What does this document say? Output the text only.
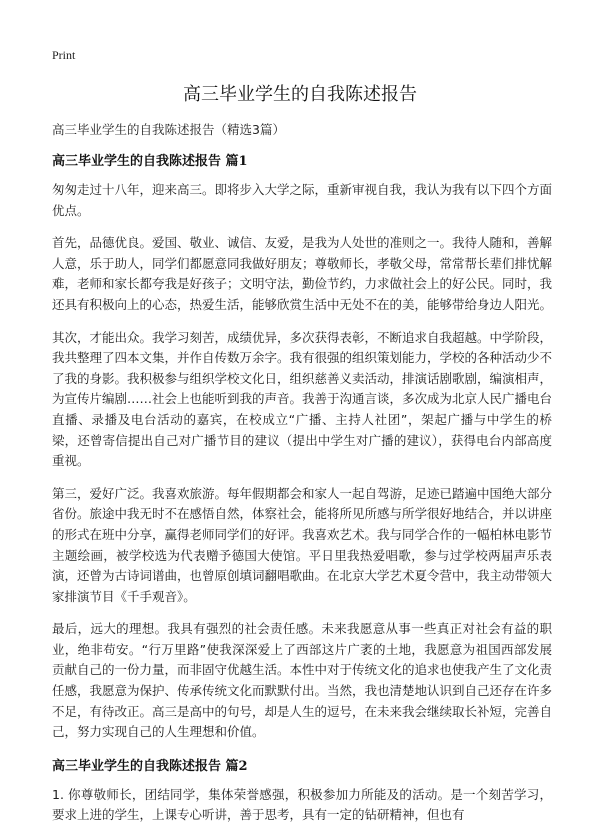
Print
高三毕业学生的自我陈述报告
高三毕业学生的自我陈述报告（精选3篇）
高三毕业学生的自我陈述报告 篇1

匆匆走过十八年，迎来高三。即将步入大学之际，重新审视自我，我认为我有以下四个方面优点。

首先，品德优良。爱国、敬业、诚信、友爱，是我为人处世的准则之一。我待人随和，善解人意，乐于助人，同学们都愿意同我做好朋友；尊敬师长，孝敬父母，常常帮长辈们排忧解难，老师和家长都夸我是好孩子；文明守法，勤俭节约，力求做社会上的好公民。同时，我还具有积极向上的心态，热爱生活，能够欣赏生活中无处不在的美，能够带给身边人阳光。

其次，才能出众。我学习刻苦，成绩优异，多次获得表彰，不断追求自我超越。中学阶段，我共整理了四本文集，并作自传数万余字。我有很强的组织策划能力，学校的各种活动少不了我的身影。我积极参与组织学校文化日，组织慈善义卖活动，排演话剧歌剧，编演相声，为宣传片编剧……社会上也能听到我的声音。我善于沟通言谈，多次成为北京人民广播电台直播、录播及电台活动的嘉宾，在校成立“广播、主持人社团”，架起广播与中学生的桥梁，还曾寄信提出自己对广播节目的建议（提出中学生对广播的建议），获得电台内部高度重视。

第三，爱好广泛。我喜欢旅游。每年假期都会和家人一起自驾游，足迹已踏遍中国绝大部分省份。旅途中我无时不在感悟自然，体察社会，能将所见所感与所学很好地结合，并以讲座的形式在班中分享，赢得老师同学们的好评。我喜欢艺术。我与同学合作的一幅柏林电影节主题绘画，被学校选为代表赠予德国大使馆。平日里我热爱唱歌，参与过学校两届声乐表演，还曾为古诗词谱曲，也曾原创填词翻唱歌曲。在北京大学艺术夏令营中，我主动带领大家排演节目《千手观音》。

最后，远大的理想。我具有强烈的社会责任感。未来我愿意从事一些真正对社会有益的职业，绝非苟安。“行万里路”使我深深爱上了西部这片广袤的土地，我愿意为祖国西部发展贡献自己的一份力量，而非固守优越生活。本性中对于传统文化的追求也使我产生了文化责任感，我愿意为保护、传承传统文化而默默付出。当然，我也清楚地认识到自己还存在许多不足，有待改正。高三是高中的句号，却是人生的逗号，在未来我会继续取长补短，完善自己，努力实现自己的人生理想和价值。

高三毕业学生的自我陈述报告 篇2

1. 你尊敬师长，团结同学，集体荣誉感强，积极参加力所能及的活动。是一个刻苦学习，要求上进的学生，上课专心听讲，善于思考，具有一定的钻研精神，但也有
